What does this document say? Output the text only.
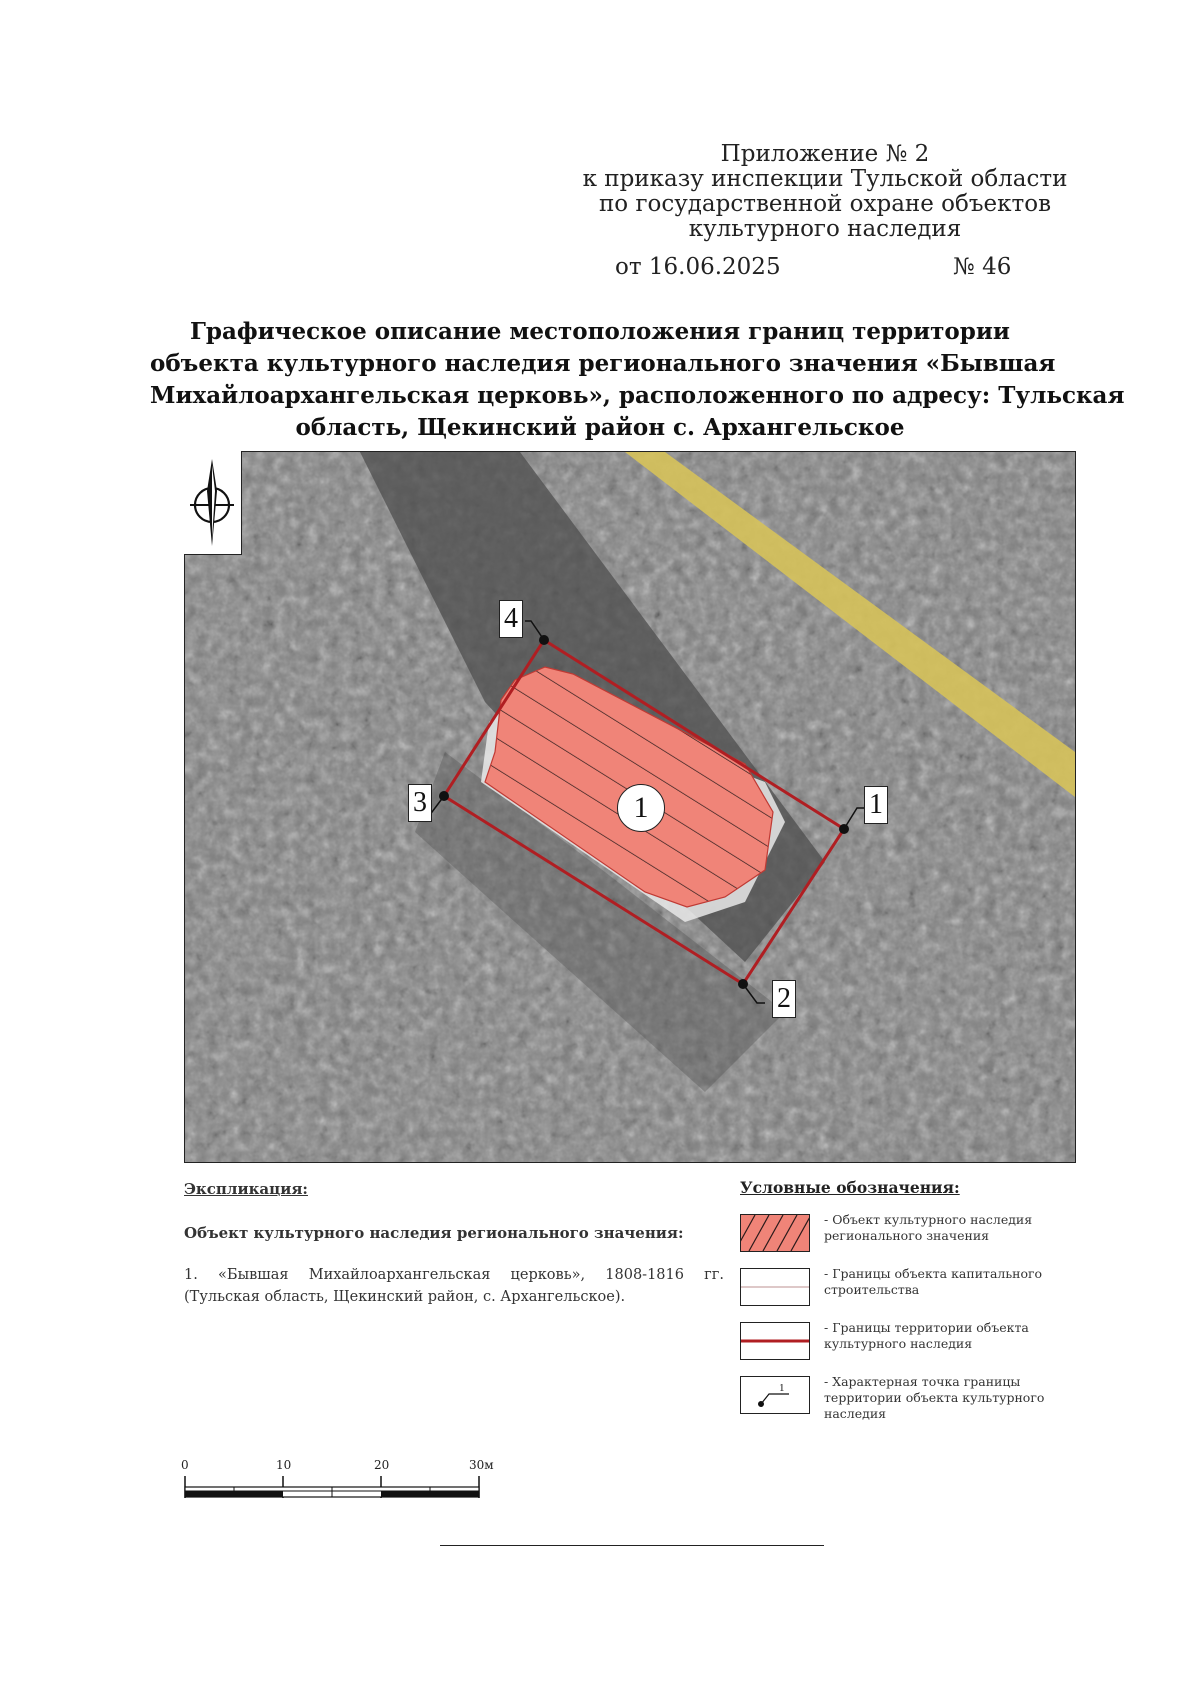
Приложение № 2
к приказу инспекции Тульской области
по государственной охране объектов
культурного наследия
от 16.06.2025	№ 46
Графическое описание местоположения границ территории
объекта культурного наследия регионального значения «Бывшая
Михайлоархангельская церковь», расположенного по адресу: Тульская
область, Щекинский район с. Архангельское
1
2
3
4
1
Экспликация:
Объект культурного наследия регионального значения:
1. «Бывшая Михайлоархангельская церковь», 1808-1816 гг. (Тульская область, Щекинский район, с. Архангельское).
Условные обозначения:
- Объект культурного наследия регионального значения
- Границы объекта капитального строительства
- Границы территории объекта культурного наследия
1	- Характерная точка границы территории объекта культурного наследия
0	10	20	30м
